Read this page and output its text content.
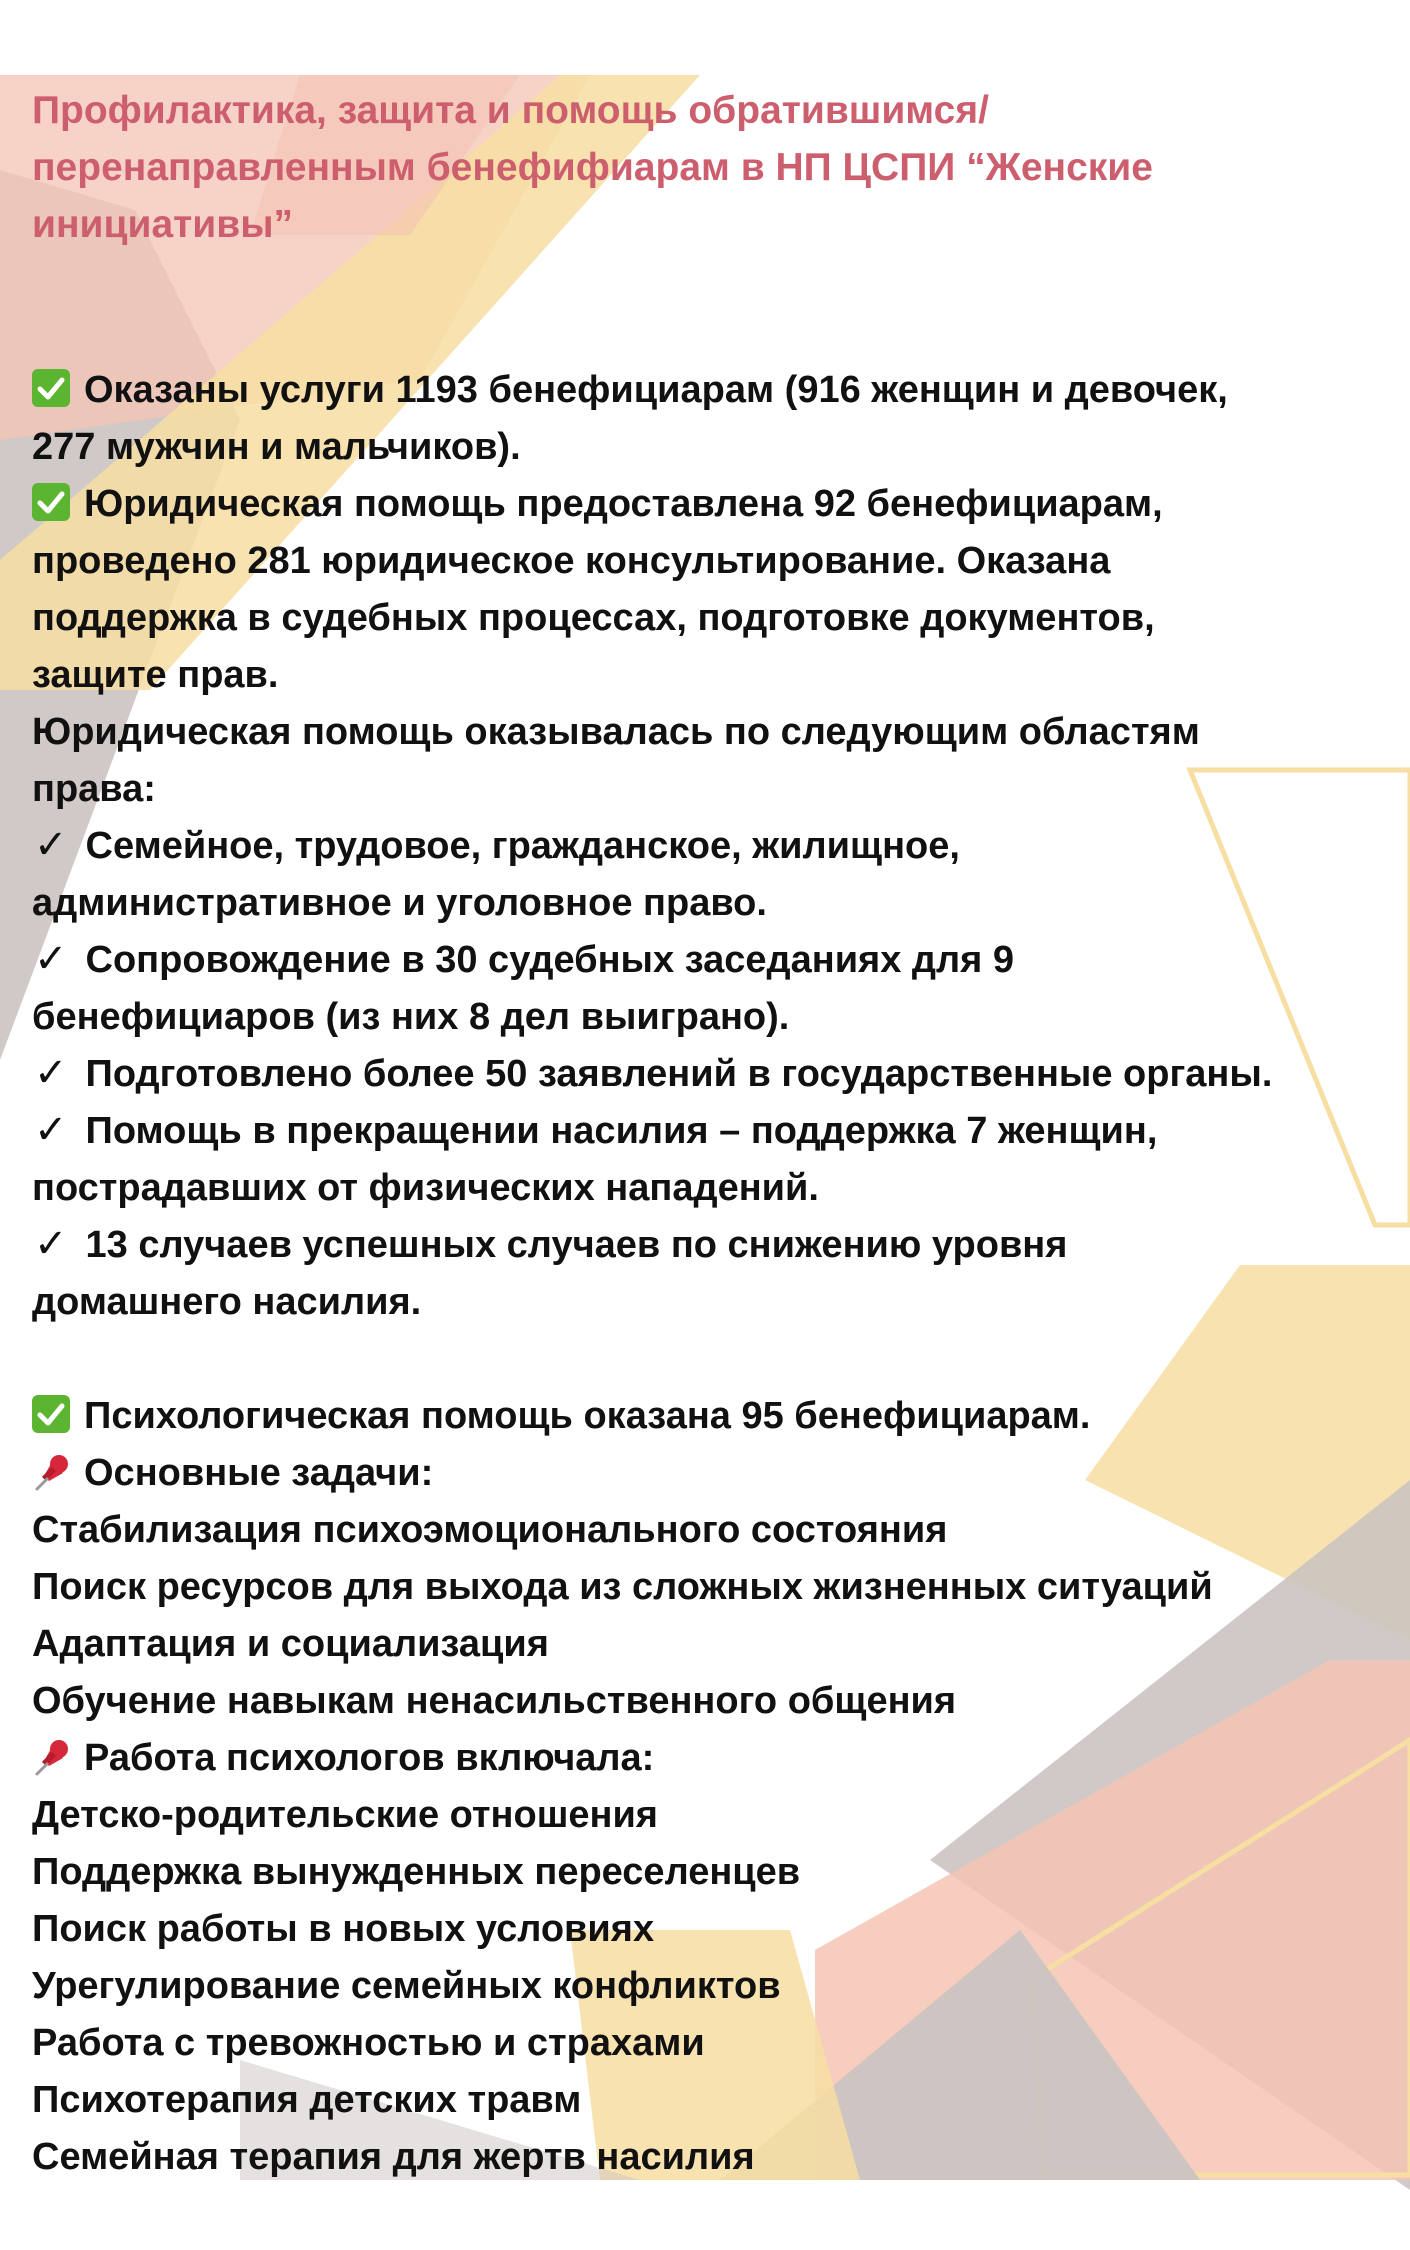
Профилактика, защита и помощь обратившимся/
перенаправленным бенефифиарам в НП ЦСПИ “Женские
инициативы”
Оказаны услуги 1193 бенефициарам (916 женщин и девочек,
277 мужчин и мальчиков).
Юридическая помощь предоставлена 92 бенефициарам,
проведено 281 юридическое консультирование. Оказана
поддержка в судебных процессах, подготовке документов,
защите прав.
Юридическая помощь оказывалась по следующим областям
права:
✓ Семейное, трудовое, гражданское, жилищное,
административное и уголовное право.
✓ Сопровождение в 30 судебных заседаниях для 9
бенефициаров (из них 8 дел выиграно).
✓ Подготовлено более 50 заявлений в государственные органы.
✓ Помощь в прекращении насилия – поддержка 7 женщин,
пострадавших от физических нападений.
✓ 13 случаев успешных случаев по снижению уровня
домашнего насилия.
Психологическая помощь оказана 95 бенефициарам.
Основные задачи:
Стабилизация психоэмоционального состояния
Поиск ресурсов для выхода из сложных жизненных ситуаций
Адаптация и социализация
Обучение навыкам ненасильственного общения
Работа психологов включала:
Детско-родительские отношения
Поддержка вынужденных переселенцев
Поиск работы в новых условиях
Урегулирование семейных конфликтов
Работа с тревожностью и страхами
Психотерапия детских травм
Семейная терапия для жертв насилия
